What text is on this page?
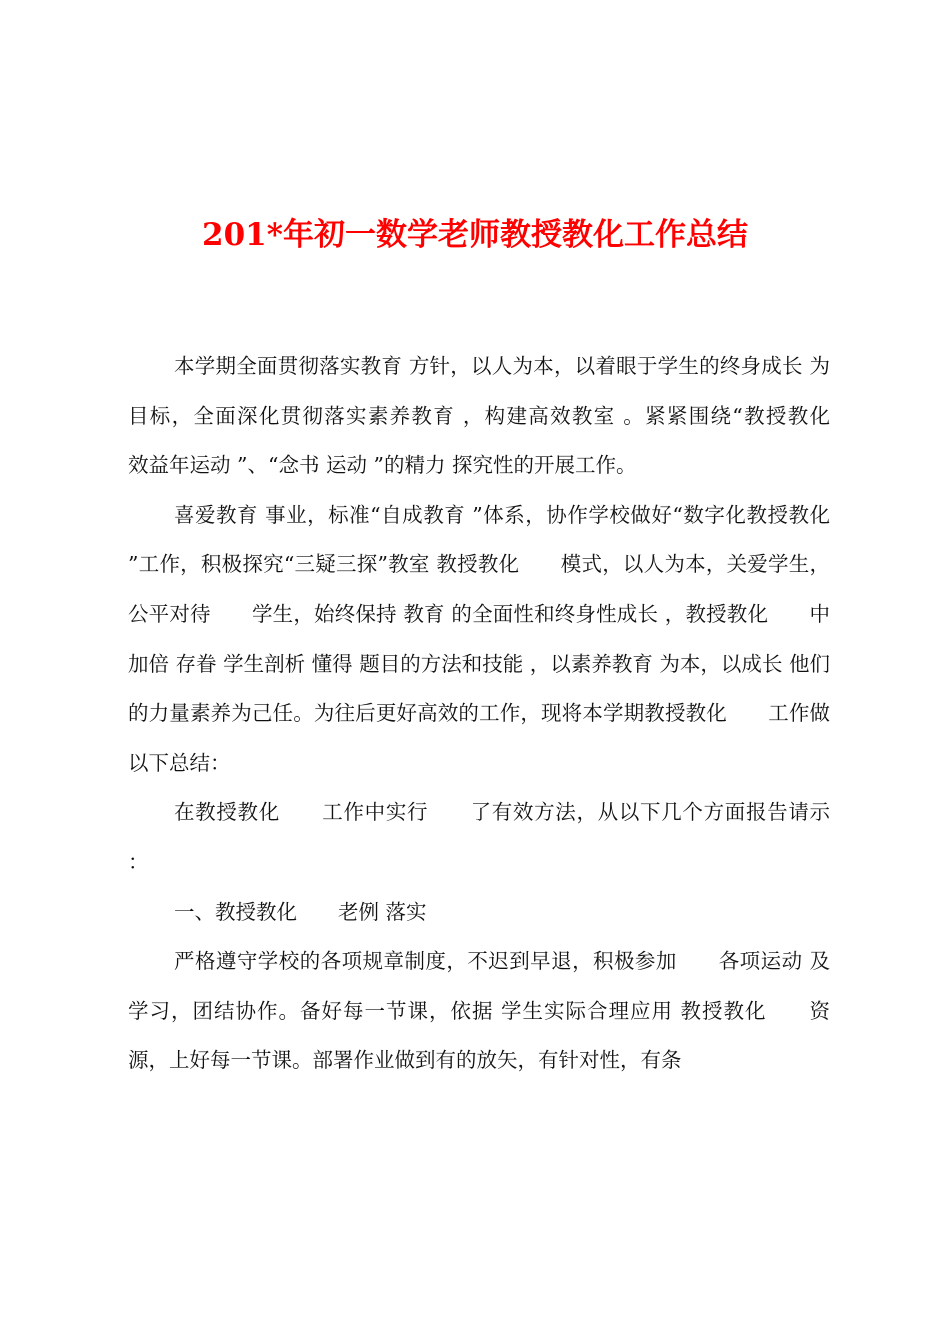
201*年初一数学老师教授教化工作总结

本学期全面贯彻落实教育 方针，以人为本，以着眼于学生的终身成长 为目标，全面深化贯彻落实素养教育 ，构建高效教室 。紧紧围绕“教授教化　　效益年运动 ”、“念书 运动 ”的精力 探究性的开展工作。

喜爱教育 事业，标准“自成教育 ”体系，协作学校做好“数字化教授教化　　”工作，积极探究“三疑三探”教室 教授教化　　模式，以人为本，关爱学生，公平对待　　学生，始终保持 教育 的全面性和终身性成长 ，教授教化　　中加倍 存眷 学生剖析 懂得 题目的方法和技能 ，以素养教育 为本，以成长 他们的力量素养为己任。为往后更好高效的工作，现将本学期教授教化　　工作做以下总结：

在教授教化　　工作中实行　　了有效方法，从以下几个方面报告请示 ：

一、教授教化　　老例 落实

严格遵守学校的各项规章制度，不迟到早退，积极参加　　各项运动 及学习，团结协作。备好每一节课，依据 学生实际合理应用 教授教化　　资源，上好每一节课。部署作业做到有的放矢，有针对性，有条
